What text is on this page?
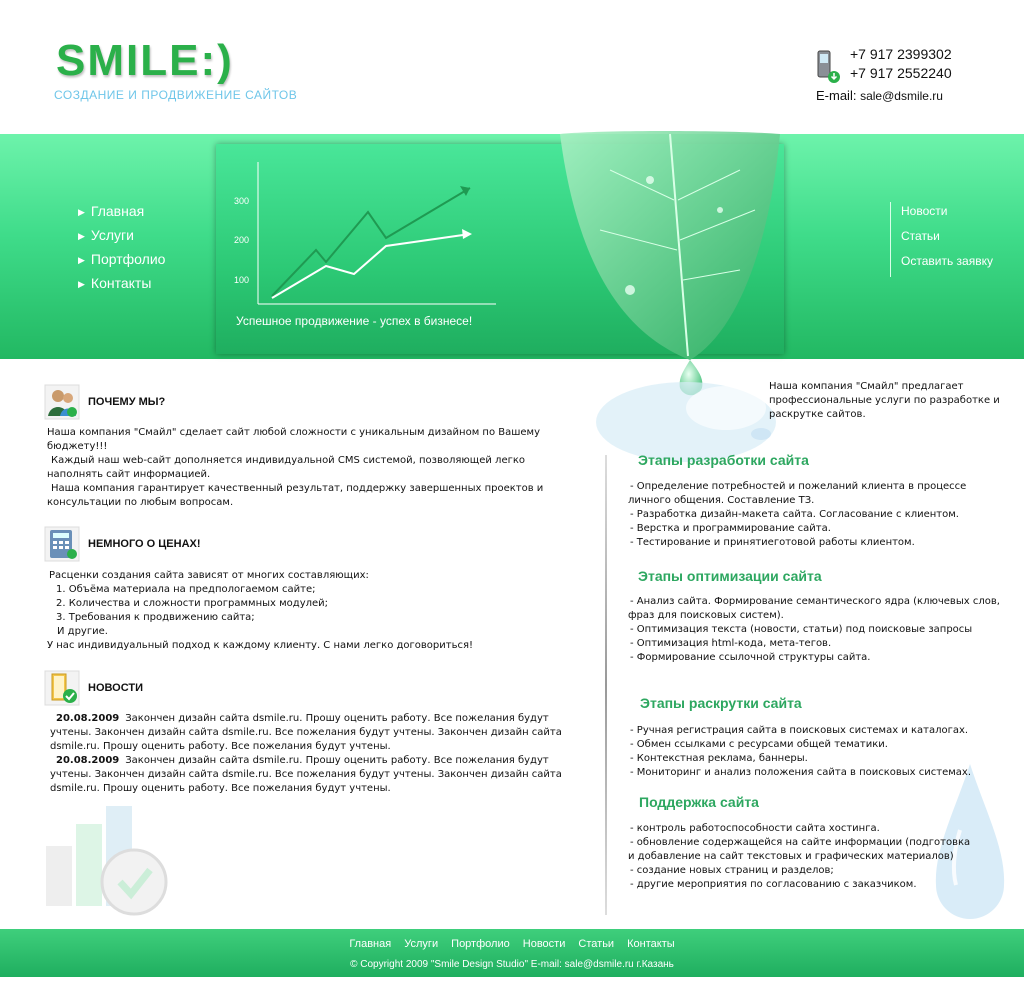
SMILE:)
СОЗДАНИЕ И ПРОДВИЖЕНИЕ САЙТОВ
+7 917 2399302
+7 917 2552240
E-mail: sale@dsmile.ru
▶ Главная
▶ Услуги
▶ Портфолио
▶ Контакты
300
200
100
Успешное продвижение - успех в бизнесе!
Новости
Статьи
Оставить заявку
ПОЧЕМУ МЫ?

Наша компания "Смайл" сделает сайт любой сложности с уникальным дизайном по Вашему бюджету!!!

Каждый наш web-сайт дополняется индивидуальной CMS системой, позволяющей легко наполнять сайт информацией.

Наша компания гарантирует качественный результат, поддержку завершенных проектов и консультации по любым вопросам.

НЕМНОГО О ЦЕНАХ!

Расценки создания сайта зависят от многих составляющих:

1. Объёма материала на предпологаемом сайте;

2. Количества и сложности программных модулей;

3. Требования к продвижению сайта;

И другие.

У нас индивидуальный подход к каждому клиенту. С нами легко договориться!

НОВОСТИ

20.08.2009 Закончен дизайн сайта dsmile.ru. Прошу оценить работу. Все пожелания будут учтены. Закончен дизайн сайта dsmile.ru. Все пожелания будут учтены. Закончен дизайн сайта dsmile.ru. Прошу оценить работу. Все пожелания будут учтены.

20.08.2009 Закончен дизайн сайта dsmile.ru. Прошу оценить работу. Все пожелания будут учтены. Закончен дизайн сайта dsmile.ru. Все пожелания будут учтены. Закончен дизайн сайта dsmile.ru. Прошу оценить работу. Все пожелания будут учтены.

Наша компания "Смайл" предлагает профессиональные услуги по разработке и раскрутке сайтов.
Этапы разработки сайта
- Определение потребностей и пожеланий клиента в процессе личного общения. Составление ТЗ.
- Разработка дизайн-макета сайта. Согласование с клиентом.
- Верстка и программирование сайта.
- Тестирование и принятиеготовой работы клиентом.
Этапы оптимизации сайта
- Анализ сайта. Формирование семантического ядра (ключевых слов, фраз для поисковых систем).
- Оптимизация текста (новости, статьи) под поисковые запросы
- Оптимизация html-кода, мета-тегов.
- Формирование ссылочной структуры сайта.
Этапы раскрутки сайта
- Ручная регистрация сайта в поисковых системах и каталогах.
- Обмен ссылками с ресурсами общей тематики.
- Контекстная реклама, баннеры.
- Мониторинг и анализ положения сайта в поисковых системах.
Поддержка сайта
- контроль работоспособности сайта хостинга.
- обновление содержащейся на сайте информации (подготовка и добавление на сайт текстовых и графических материалов)
- создание новых страниц и разделов;
- другие мероприятия по согласованию с заказчиком.
Главная Услуги Портфолио Новости Статьи Контакты
© Copyright 2009 "Smile Design Studio" E-mail: sale@dsmile.ru г.Казань
